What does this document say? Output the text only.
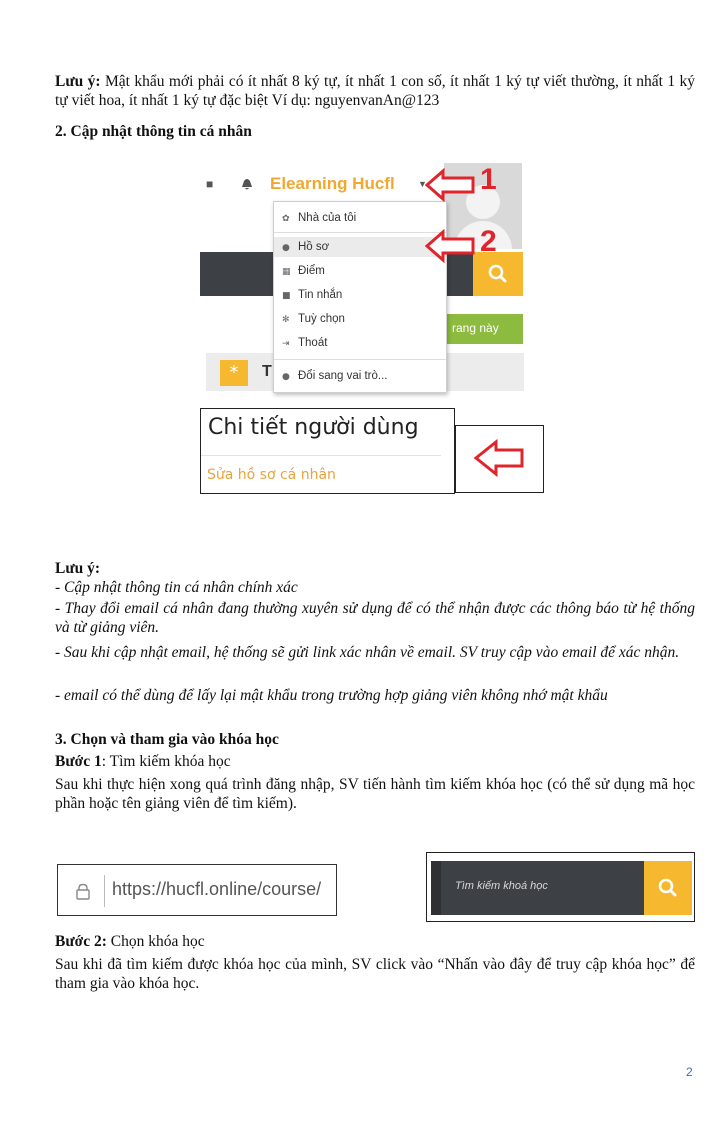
Lưu ý: Mật khẩu mới phải có ít nhất 8 ký tự, ít nhất 1 con số, ít nhất 1 ký tự viết thường, ít nhất 1 ký tự viết hoa, ít nhất 1 ký tự đặc biệt Ví dụ: nguyenvanAn@123
2. Cập nhật thông tin cá nhân
■	Elearning Hucfl	▼
rang này
*	T
✿ Nhà của tôi
● Hồ sơ
▦ Điểm
■ Tin nhắn
✻ Tuỳ chọn
⇥ Thoát
● Đổi sang vai trò...
1
2
Chi tiết người dùng
Sửa hồ sơ cá nhân
Lưu ý:
- Cập nhật thông tin cá nhân chính xác
- Thay đổi email cá nhân đang thường xuyên sử dụng để có thể nhận được các thông báo từ hệ thống và từ giảng viên.
- Sau khi cập nhật email, hệ thống sẽ gửi link xác nhân về email. SV truy cập vào email để xác nhận.
- email có thể dùng để lấy lại mật khẩu trong trường hợp giảng viên không nhớ mật khẩu
3. Chọn và tham gia vào khóa học
Bước 1: Tìm kiếm khóa học
Sau khi thực hiện xong quá trình đăng nhập, SV tiến hành tìm kiếm khóa học (có thể sử dụng mã học phần hoặc tên giảng viên để tìm kiếm).
https://hucfl.online/course/	Tìm kiếm khoá học
Bước 2: Chọn khóa học
Sau khi đã tìm kiếm được khóa học của mình, SV click vào “Nhấn vào đây để truy cập khóa học” để tham gia vào khóa học.
2
